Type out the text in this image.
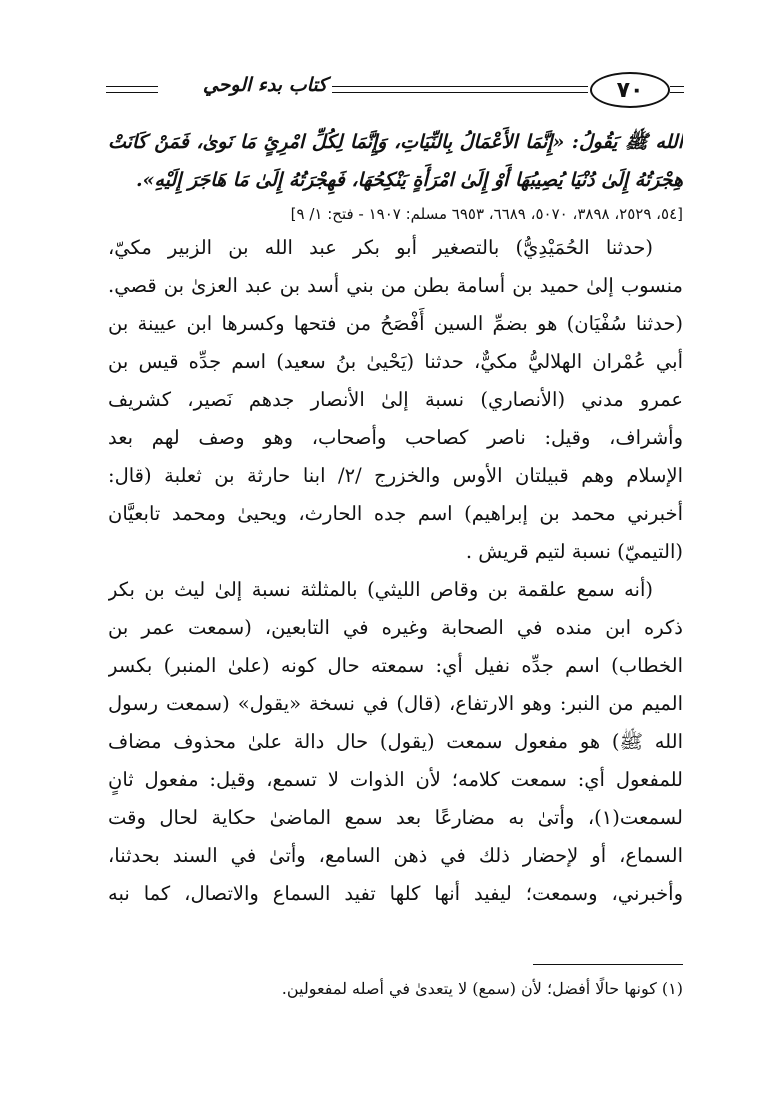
٧٠
كتاب بدء الوحي
الله ﷺ يَقُولُ: «إِنَّمَا الأَعْمَالُ بِالنِّيَاتِ، وَإِنَّمَا لِكُلِّ امْرِئٍ مَا نَوىٰ، فَمَنْ كَانَتْ
هِجْرَتُهُ إِلَىٰ دُنْيَا يُصِيبُهَا أَوْ إِلَىٰ امْرَأَةٍ يَنْكِحُهَا، فَهِجْرَتُهُ إِلَىٰ مَا هَاجَرَ إِلَيْهِ».
[٥٤، ٢٥٢٩، ٣٨٩٨، ٥٠٧٠، ٦٦٨٩، ٦٩٥٣ مسلم: ١٩٠٧ - فتح: ١/ ٩]
(حدثنا الحُمَيْدِيُّ) بالتصغير أبو بكر عبد الله بن الزبير مكيّ،
منسوب إلىٰ حميد بن أسامة بطن من بني أسد بن عبد العزىٰ بن قصي.
(حدثنا سُفْيَان) هو بضمِّ السين أَفْصَحُ من فتحها وكسرها ابن عيينة بن
أبي عُمْران الهلاليُّ مكيٌّ، حدثنا (يَحْيىٰ بنُ سعيد) اسم جدِّه قيس بن
عمرو مدني (الأنصاري) نسبة إلىٰ الأنصار جدهم نَصير، كشريف
وأشراف، وقيل: ناصر كصاحب وأصحاب، وهو وصف لهم بعد
الإسلام وهم قبيلتان الأوس والخزرج /٢/ ابنا حارثة بن ثعلبة (قال:
أخبرني محمد بن إبراهيم) اسم جده الحارث، ويحيىٰ ومحمد تابعيَّان
(التيميّ) نسبة لتيم قريش .
(أنه سمع علقمة بن وقاص الليثي) بالمثلثة نسبة إلىٰ ليث بن بكر
ذكره ابن منده في الصحابة وغيره في التابعين، (سمعت عمر بن
الخطاب) اسم جدِّه نفيل أي: سمعته حال كونه (علىٰ المنبر) بكسر
الميم من النبر: وهو الارتفاع، (قال) في نسخة «يقول» (سمعت رسول
الله ﷺ) هو مفعول سمعت (يقول) حال دالة علىٰ محذوف مضاف
للمفعول أي: سمعت كلامه؛ لأن الذوات لا تسمع، وقيل: مفعول ثانٍ
لسمعت(١)، وأتىٰ به مضارعًا بعد سمع الماضىٰ حكاية لحال وقت
السماع، أو لإحضار ذلك في ذهن السامع، وأتىٰ في السند بحدثنا،
وأخبرني، وسمعت؛ ليفيد أنها كلها تفيد السماع والاتصال، كما نبه
(١) كونها حالًا أفضل؛ لأن (سمع) لا يتعدىٰ في أصله لمفعولين.
